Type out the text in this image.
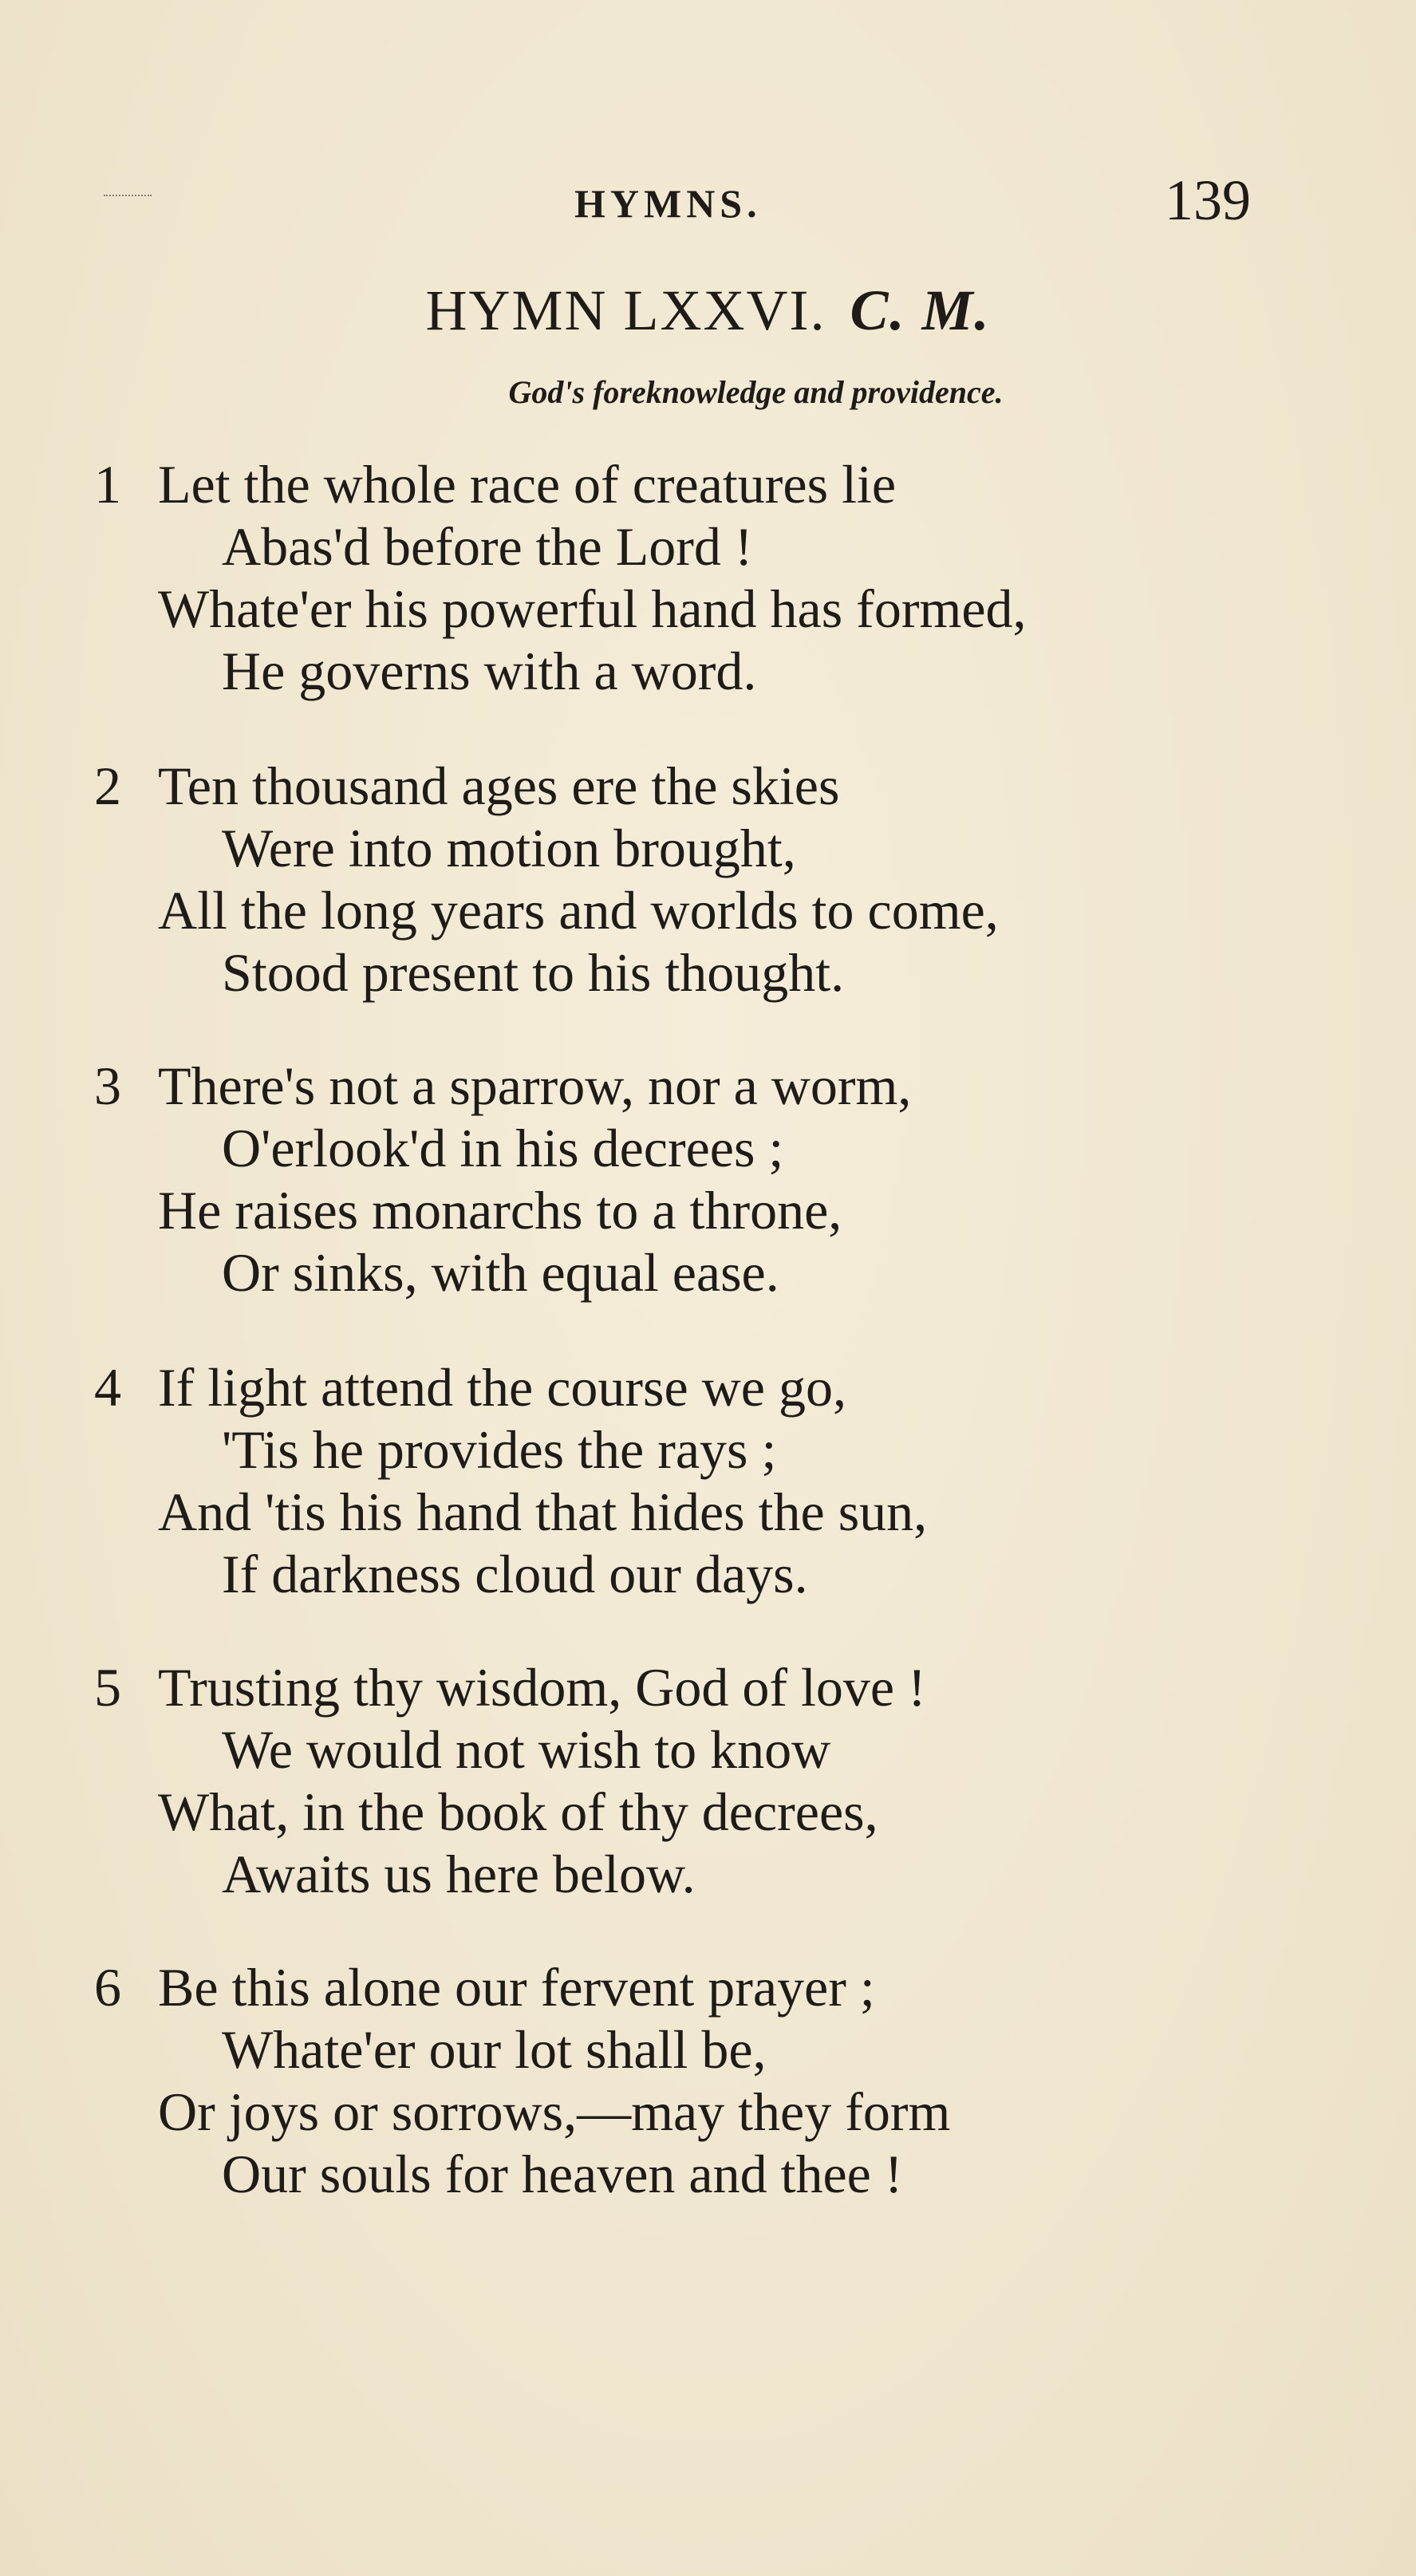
HYMNS.	139
HYMN LXXVI. C. M.
God's foreknowledge and providence.
1 Let the whole race of creatures lie
Abas'd before the Lord !
Whate'er his powerful hand has formed,
He governs with a word.
2 Ten thousand ages ere the skies
Were into motion brought,
All the long years and worlds to come,
Stood present to his thought.
3 There's not a sparrow, nor a worm,
O'erlook'd in his decrees ;
He raises monarchs to a throne,
Or sinks, with equal ease.
4 If light attend the course we go,
'Tis he provides the rays ;
And 'tis his hand that hides the sun,
If darkness cloud our days.
5 Trusting thy wisdom, God of love !
We would not wish to know
What, in the book of thy decrees,
Awaits us here below.
6 Be this alone our fervent prayer ;
Whate'er our lot shall be,
Or joys or sorrows,—may they form
Our souls for heaven and thee !
